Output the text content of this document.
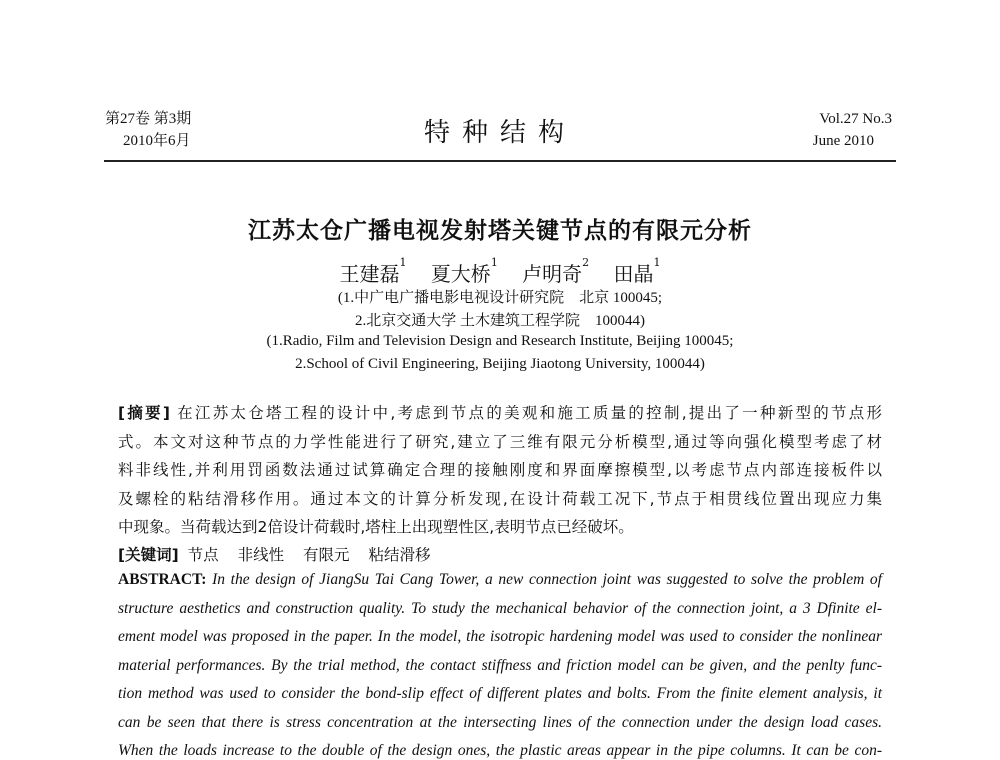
第27卷 第3期
2010年6月	特种结构	Vol.27 No.3
June 2010
江苏太仓广播电视发射塔关键节点的有限元分析
王建磊$^1$ 夏大桥$^1$ 卢明奇$^2$ 田晶$^1$
(1.中广电广播电影电视设计研究院　北京 100045;
2.北京交通大学 土木建筑工程学院　100044)
(1.Radio, Film and Television Design and Research Institute, Beijing 100045;
2.School of Civil Engineering, Beijing Jiaotong University, 100044)
[摘要] 在江苏太仓塔工程的设计中,考虑到节点的美观和施工质量的控制,提出了一种新型的节点形
式。本文对这种节点的力学性能进行了研究,建立了三维有限元分析模型,通过等向强化模型考虑了材
料非线性,并利用罚函数法通过试算确定合理的接触刚度和界面摩擦模型,以考虑节点内部连接板件以
及螺栓的粘结滑移作用。通过本文的计算分析发现,在设计荷载工况下,节点于相贯线位置出现应力集
中现象。当荷载达到2倍设计荷载时,塔柱上出现塑性区,表明节点已经破坏。
[关键词] 节点 非线性 有限元 粘结滑移
ABSTRACT: In the design of JiangSu Tai Cang Tower, a new connection joint was suggested to solve the problem of
structure aesthetics and construction quality. To study the mechanical behavior of the connection joint, a 3 Dfinite el-
ement model was proposed in the paper. In the model, the isotropic hardening model was used to consider the nonlinear
material performances. By the trial method, the contact stiffness and friction model can be given, and the penlty func-
tion method was used to consider the bond-slip effect of different plates and bolts. From the finite element analysis, it
can be seen that there is stress concentration at the intersecting lines of the connection under the design load cases.
When the loads increase to the double of the design ones, the plastic areas appear in the pipe columns. It can be con-
